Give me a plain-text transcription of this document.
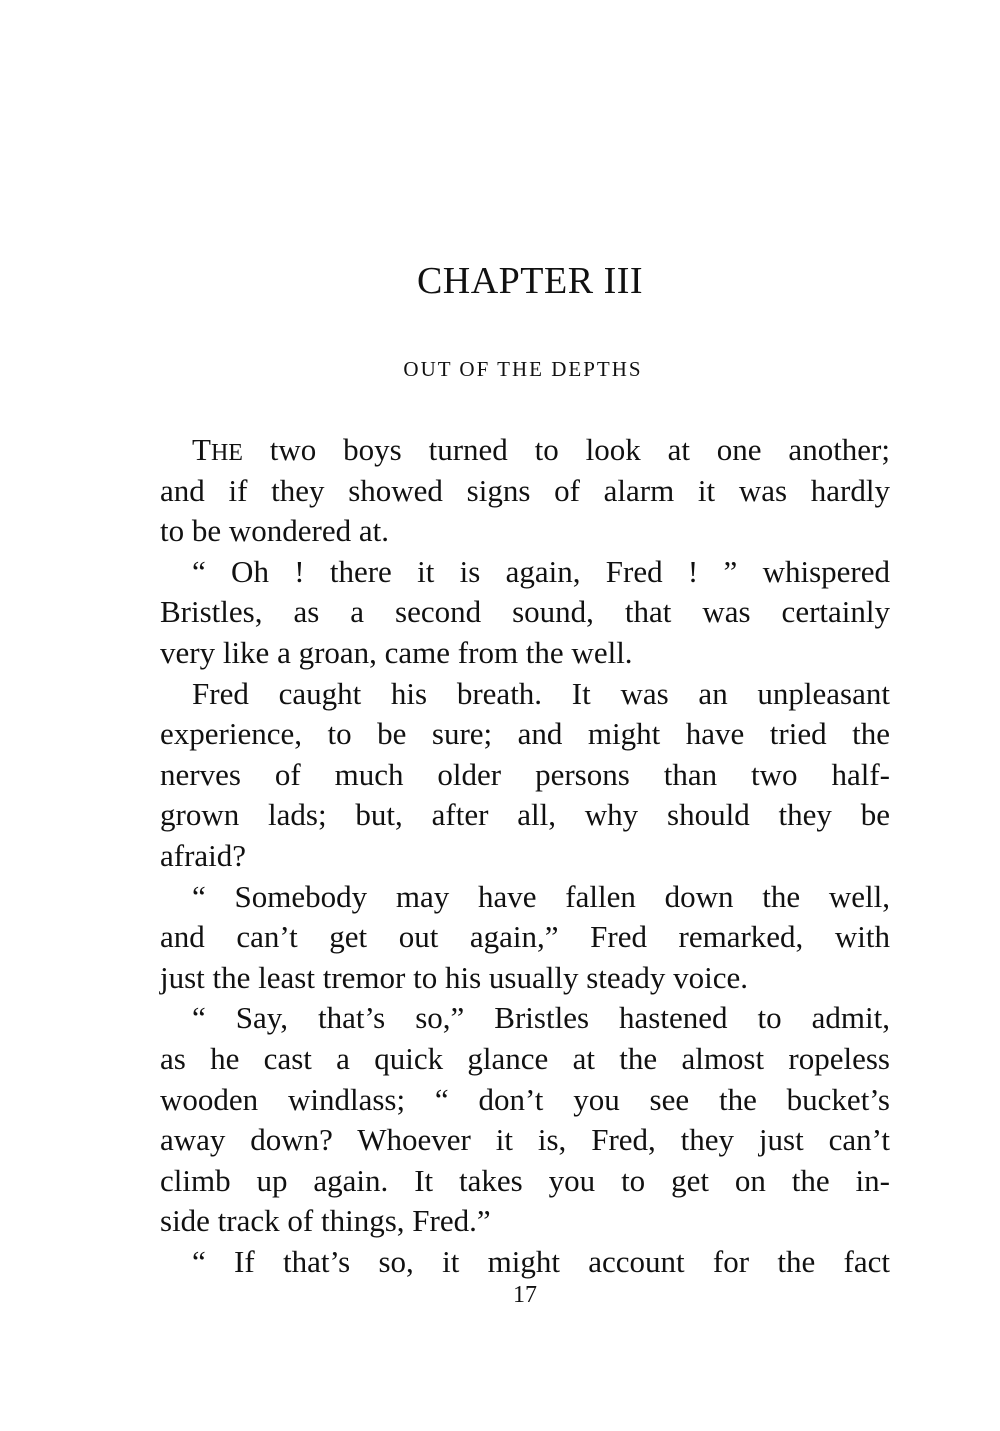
CHAPTER III
OUT OF THE DEPTHS
THE two boys turned to look at one another;
and if they showed signs of alarm it was hardly
to be wondered at.
“ Oh ! there it is again, Fred ! ” whispered
Bristles, as a second sound, that was certainly
very like a groan, came from the well.
Fred caught his breath. It was an unpleasant
experience, to be sure; and might have tried the
nerves of much older persons than two half-
grown lads; but, after all, why should they be
afraid?
“ Somebody may have fallen down the well,
and can’t get out again,” Fred remarked, with
just the least tremor to his usually steady voice.
“ Say, that’s so,” Bristles hastened to admit,
as he cast a quick glance at the almost ropeless
wooden windlass; “ don’t you see the bucket’s
away down? Whoever it is, Fred, they just can’t
climb up again. It takes you to get on the in-
side track of things, Fred.”
“ If that’s so, it might account for the fact
17
